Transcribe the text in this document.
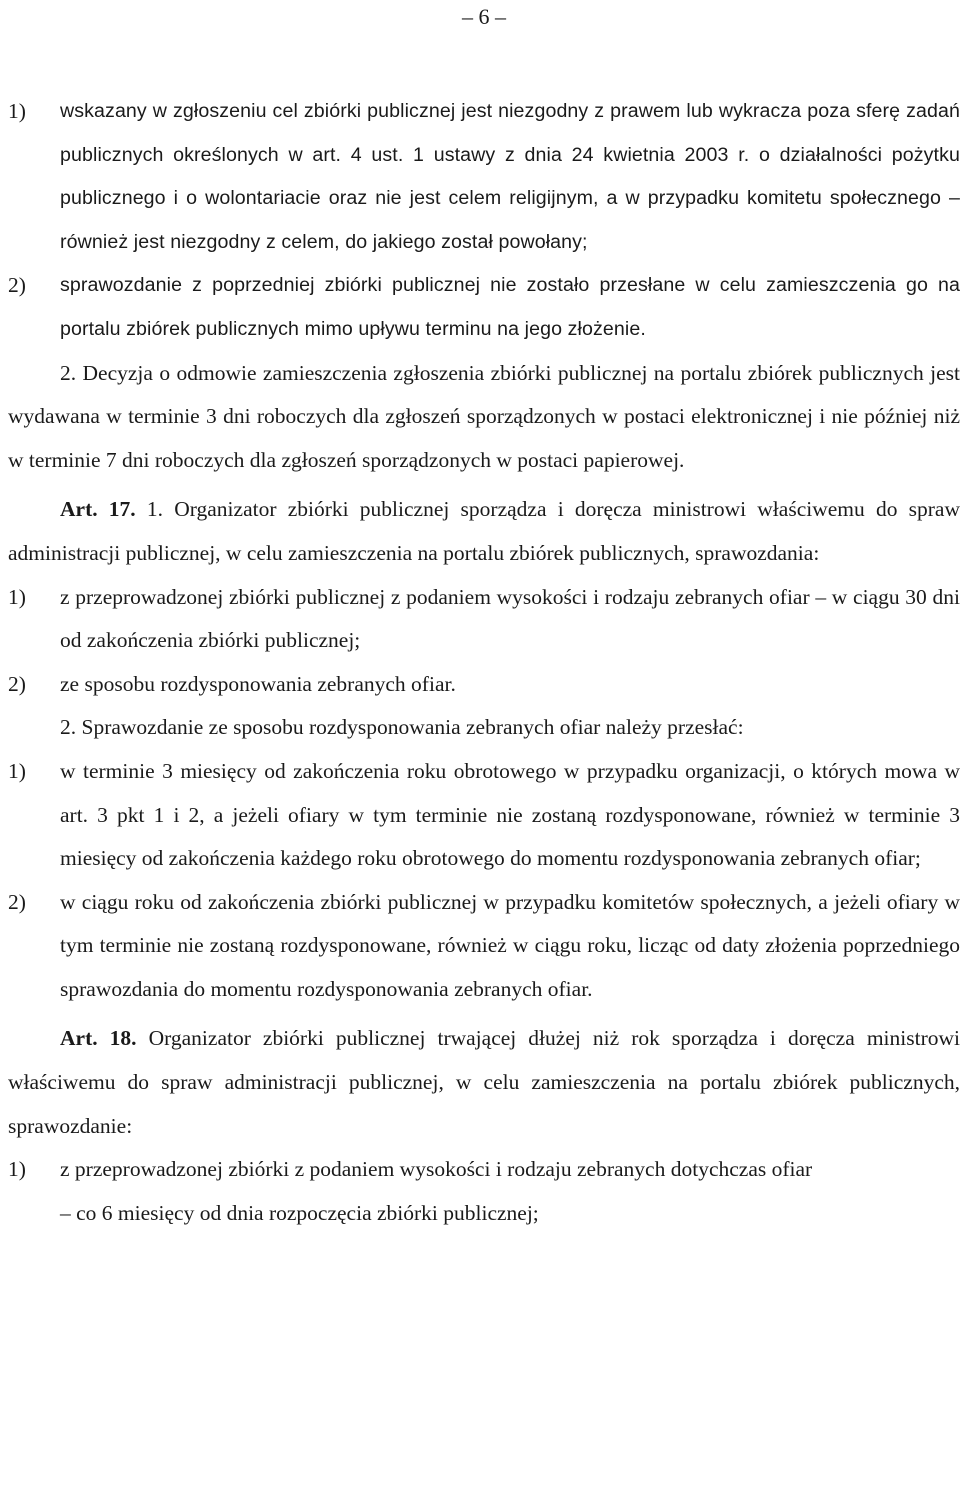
– 6 –
1)	wskazany w zgłoszeniu cel zbiórki publicznej jest niezgodny z prawem lub wykracza poza sferę zadań publicznych określonych w art. 4 ust. 1 ustawy z dnia 24 kwietnia 2003 r. o działalności pożytku publicznego i o wolontariacie oraz nie jest celem religijnym, a w przypadku komitetu społecznego – również jest niezgodny z celem, do jakiego został powołany;
2)	sprawozdanie z poprzedniej zbiórki publicznej nie zostało przesłane w celu zamieszczenia go na portalu zbiórek publicznych mimo upływu terminu na jego złożenie.

2. Decyzja o odmowie zamieszczenia zgłoszenia zbiórki publicznej na portalu zbiórek publicznych jest wydawana w terminie 3 dni roboczych dla zgłoszeń sporządzonych w postaci elektronicznej i nie później niż w terminie 7 dni roboczych dla zgłoszeń sporządzonych w postaci papierowej.

Art. 17. 1. Organizator zbiórki publicznej sporządza i doręcza ministrowi właściwemu do spraw administracji publicznej, w celu zamieszczenia na portalu zbiórek publicznych, sprawozdania:

1)	z przeprowadzonej zbiórki publicznej z podaniem wysokości i rodzaju zebranych ofiar – w ciągu 30 dni od zakończenia zbiórki publicznej;
2)	ze sposobu rozdysponowania zebranych ofiar.

2. Sprawozdanie ze sposobu rozdysponowania zebranych ofiar należy przesłać:

1)	w terminie 3 miesięcy od zakończenia roku obrotowego w przypadku organizacji, o których mowa w art. 3 pkt 1 i 2, a jeżeli ofiary w tym terminie nie zostaną rozdysponowane, również w terminie 3 miesięcy od zakończenia każdego roku obrotowego do momentu rozdysponowania zebranych ofiar;
2)	w ciągu roku od zakończenia zbiórki publicznej w przypadku komitetów społecznych, a jeżeli ofiary w tym terminie nie zostaną rozdysponowane, również w ciągu roku, licząc od daty złożenia poprzedniego sprawozdania do momentu rozdysponowania zebranych ofiar.

Art. 18. Organizator zbiórki publicznej trwającej dłużej niż rok sporządza i doręcza ministrowi właściwemu do spraw administracji publicznej, w celu zamieszczenia na portalu zbiórek publicznych, sprawozdanie:

1)	z przeprowadzonej zbiórki z podaniem wysokości i rodzaju zebranych dotychczas ofiar
– co 6 miesięcy od dnia rozpoczęcia zbiórki publicznej;
